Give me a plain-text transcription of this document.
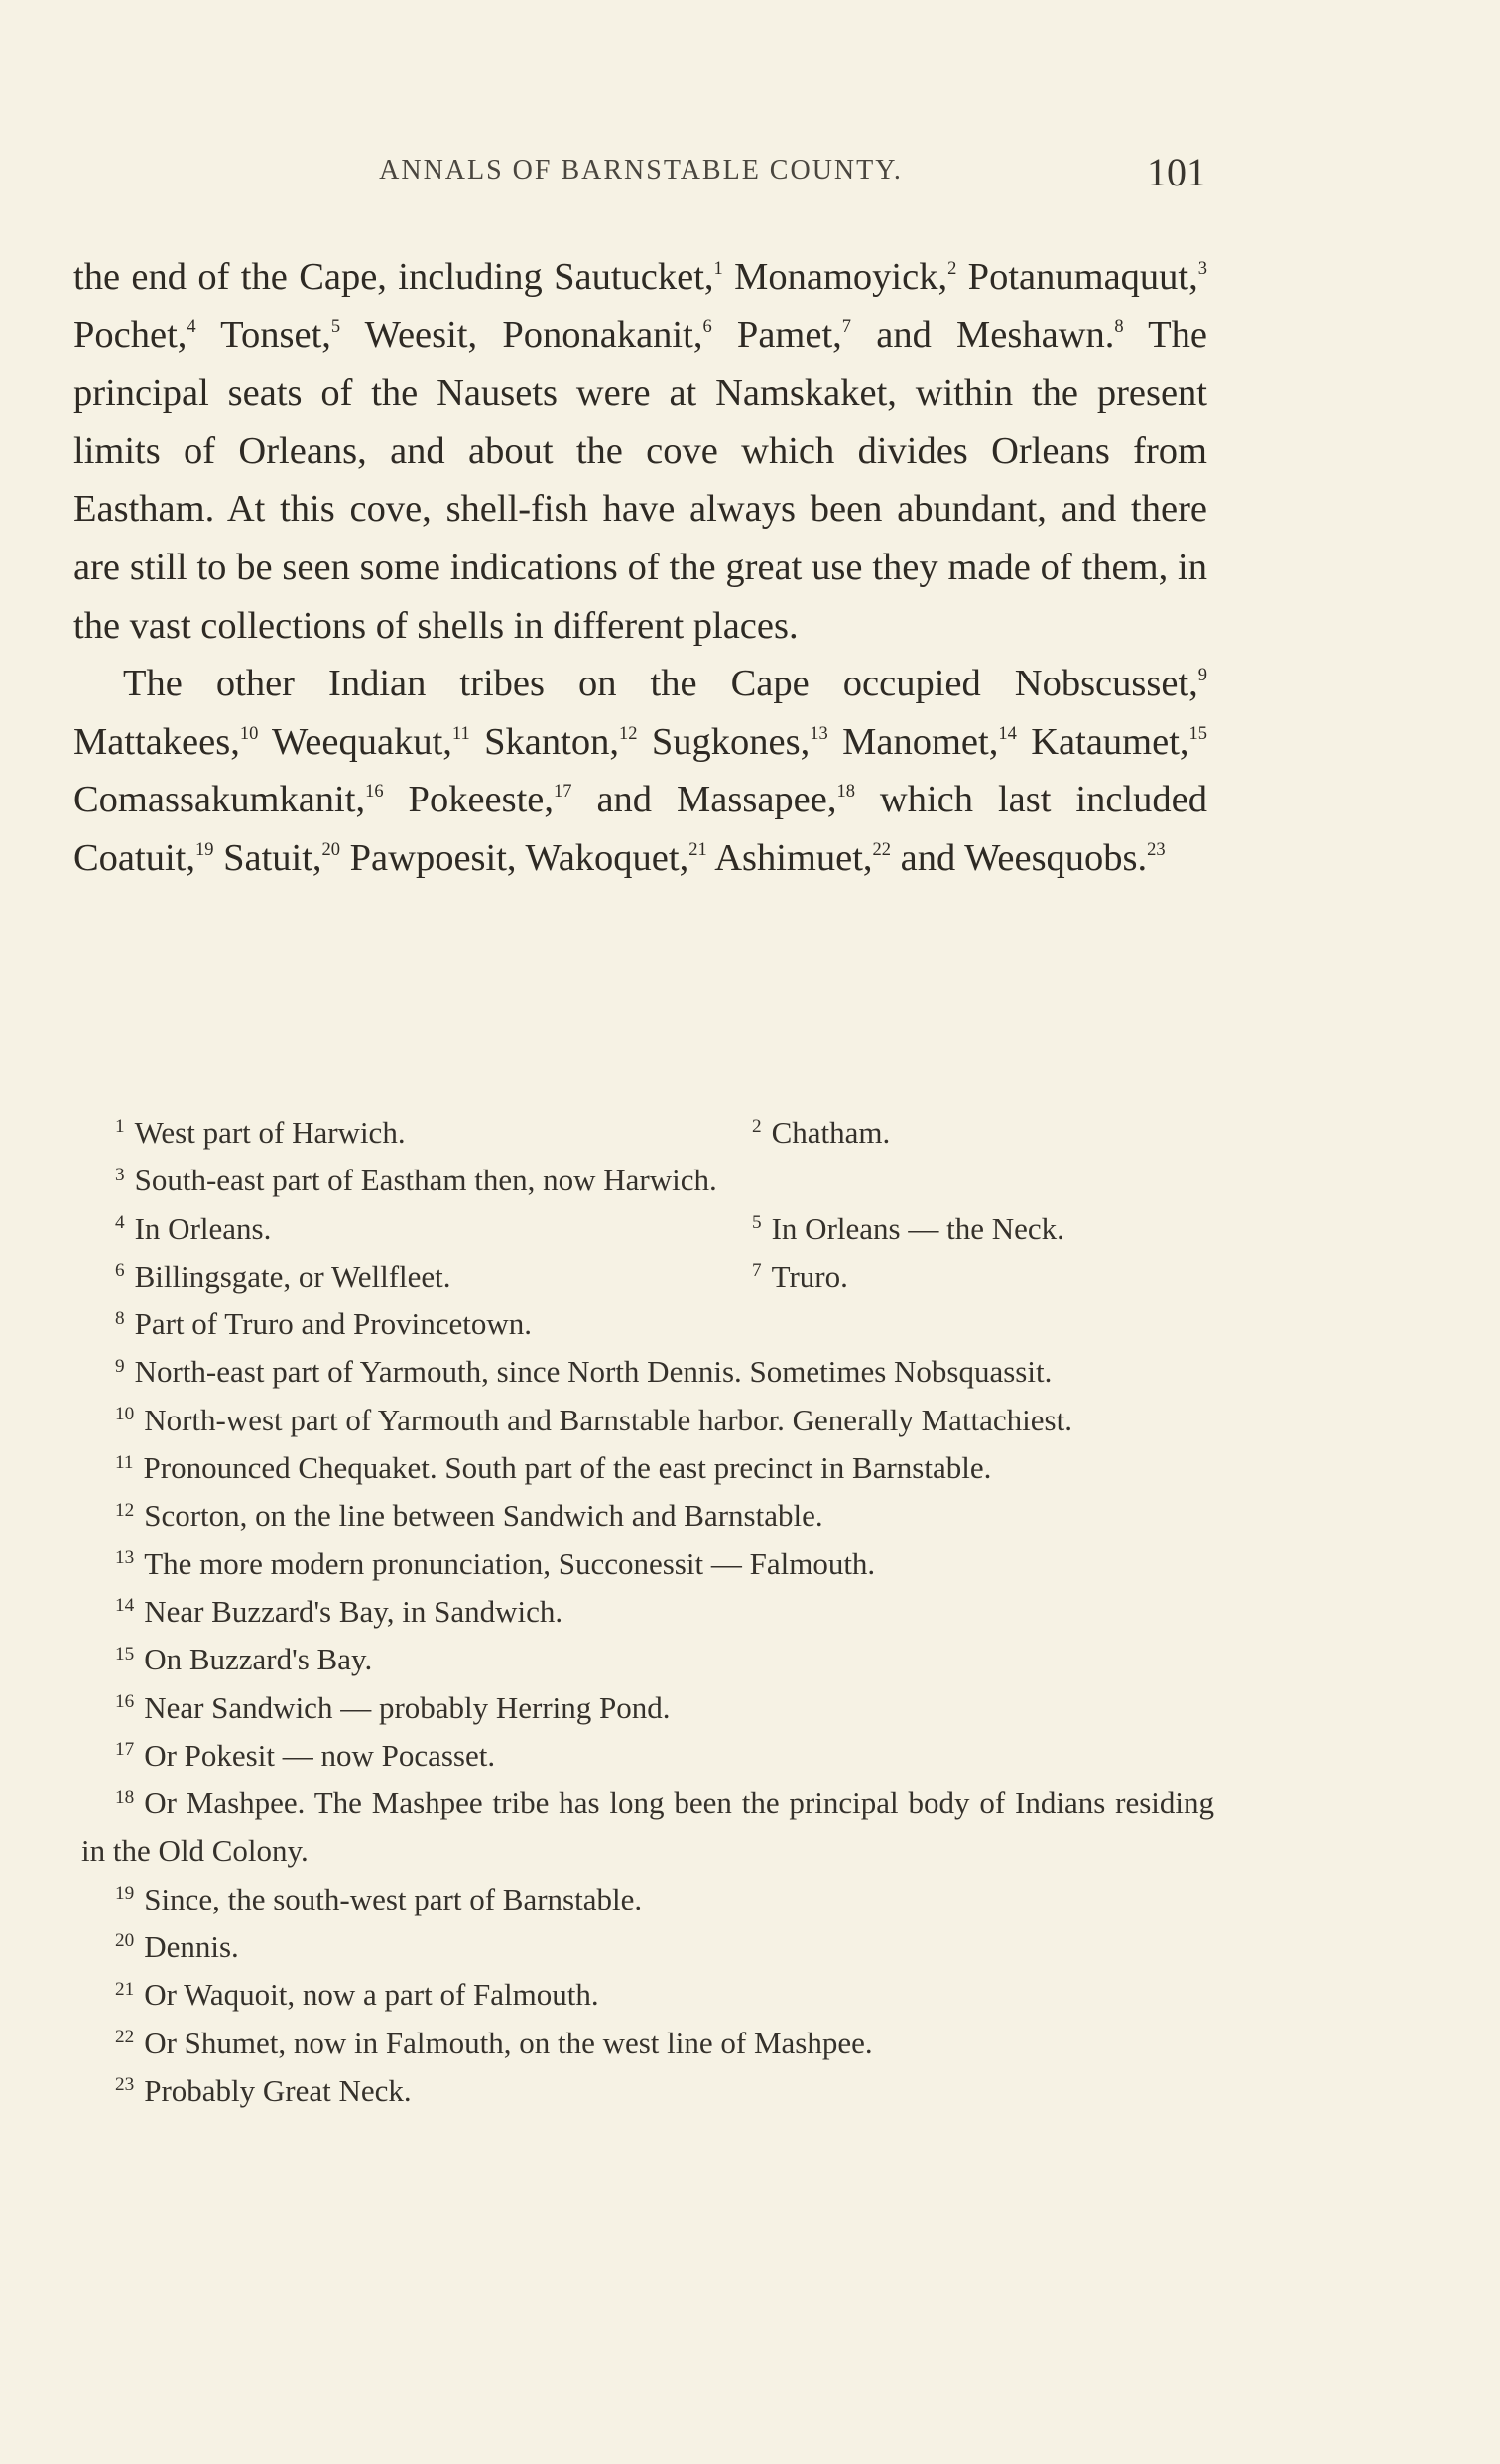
ANNALS OF BARNSTABLE COUNTY.	101

the end of the Cape, including Sautucket,$^1$ Monamoyick,$^2$ Potanumaquut,$^3$ Pochet,$^4$ Tonset,$^5$ Weesit, Pononakanit,$^6$ Pamet,$^7$ and Meshawn.$^8$ The principal seats of the Nausets were at Namskaket, within the present limits of Orleans, and about the cove which divides Orleans from Eastham. At this cove, shell-fish have always been abundant, and there are still to be seen some indications of the great use they made of them, in the vast collections of shells in different places.

The other Indian tribes on the Cape occupied Nobscusset,$^9$ Mattakees,$^{10}$ Weequakut,$^{11}$ Skanton,$^{12}$ Sugkones,$^{13}$ Manomet,$^{14}$ Kataumet,$^{15}$ Comassakumkanit,$^{16}$ Pokeeste,$^{17}$ and Massapee,$^{18}$ which last included Coatuit,$^{19}$ Satuit,$^{20}$ Pawpoesit, Wakoquet,$^{21}$ Ashimuet,$^{22}$ and Weesquobs.$^{23}$

$^1$ West part of Harwich.	$^2$ Chatham.

$^3$ South-east part of Eastham then, now Harwich.

$^4$ In Orleans.	$^5$ In Orleans — the Neck.

$^6$ Billingsgate, or Wellfleet.	$^7$ Truro.

$^8$ Part of Truro and Provincetown.

$^9$ North-east part of Yarmouth, since North Dennis. Sometimes Nobsquassit.

$^{10}$ North-west part of Yarmouth and Barnstable harbor. Generally Mattachiest.

$^{11}$ Pronounced Chequaket. South part of the east precinct in Barnstable.

$^{12}$ Scorton, on the line between Sandwich and Barnstable.

$^{13}$ The more modern pronunciation, Succonessit — Falmouth.

$^{14}$ Near Buzzard's Bay, in Sandwich.

$^{15}$ On Buzzard's Bay.

$^{16}$ Near Sandwich — probably Herring Pond.

$^{17}$ Or Pokesit — now Pocasset.

$^{18}$ Or Mashpee. The Mashpee tribe has long been the principal body of Indians residing in the Old Colony.

$^{19}$ Since, the south-west part of Barnstable.

$^{20}$ Dennis.

$^{21}$ Or Waquoit, now a part of Falmouth.

$^{22}$ Or Shumet, now in Falmouth, on the west line of Mashpee.

$^{23}$ Probably Great Neck.
